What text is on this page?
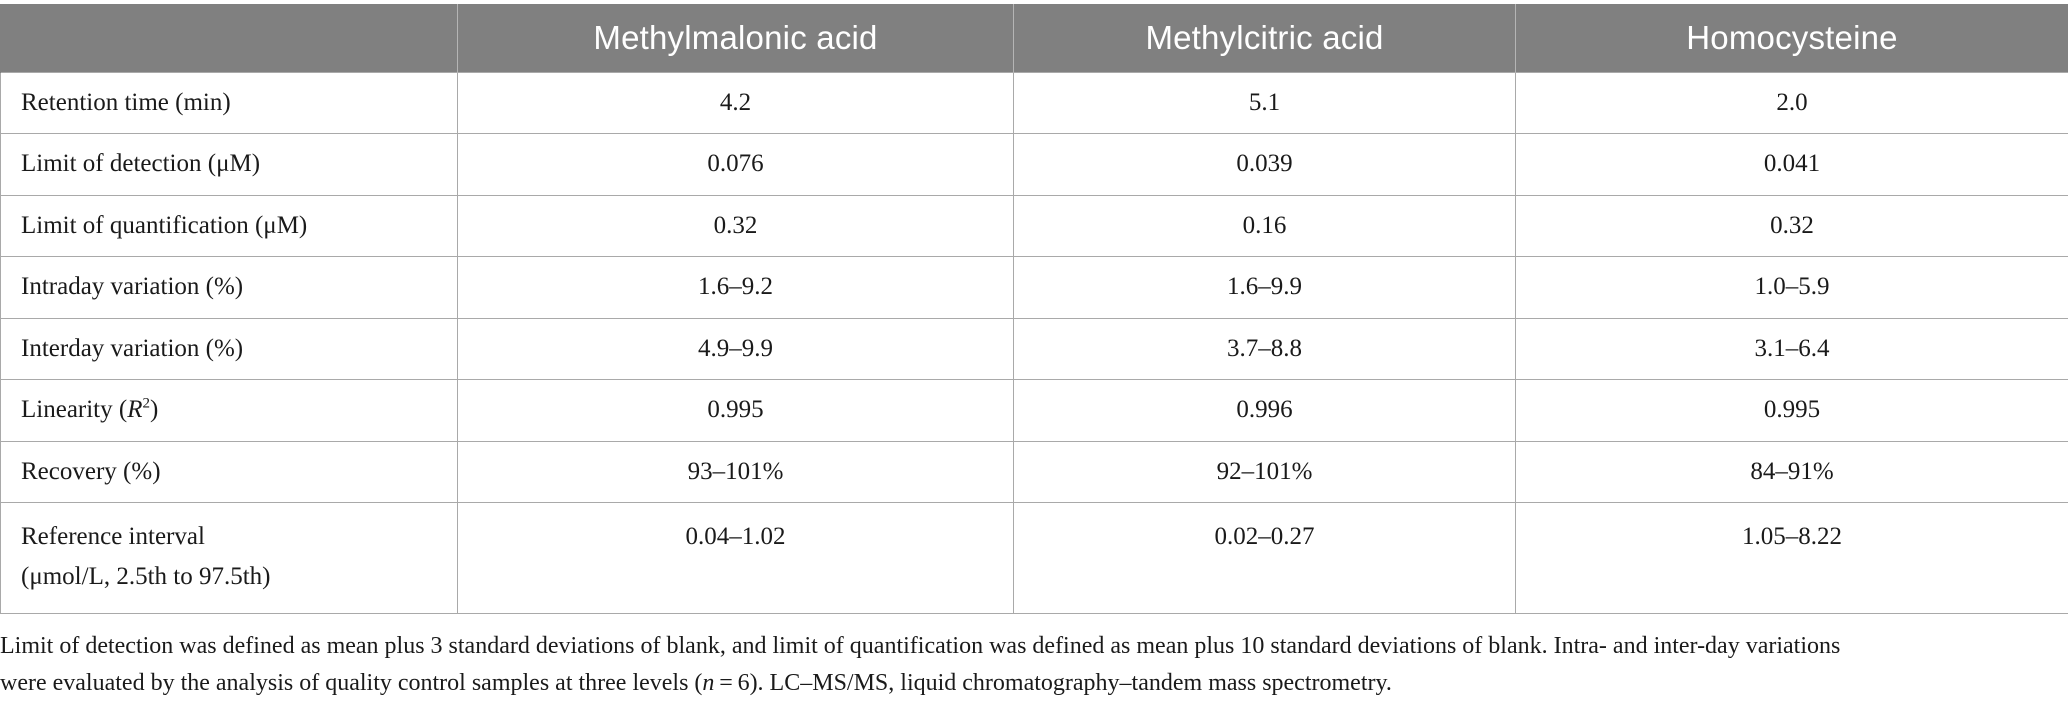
	Methylmalonic acid	Methylcitric acid	Homocysteine
Retention time (min)	4.2	5.1	2.0
Limit of detection (μM)	0.076	0.039	0.041
Limit of quantification (μM)	0.32	0.16	0.32
Intraday variation (%)	1.6–9.2	1.6–9.9	1.0–5.9
Interday variation (%)	4.9–9.9	3.7–8.8	3.1–6.4
Linearity $(R^2)$	0.995	0.996	0.995
Recovery (%)	93–101%	92–101%	84–91%
Reference interval
(μmol/L, 2.5th to 97.5th)	0.04–1.02	0.02–0.27	1.05–8.22

Limit of detection was defined as mean plus 3 standard deviations of blank, and limit of quantification was defined as mean plus 10 standard deviations of blank. Intra- and inter-day variations

were evaluated by the analysis of quality control samples at three levels (n = 6). LC–MS/MS, liquid chromatography–tandem mass spectrometry.
